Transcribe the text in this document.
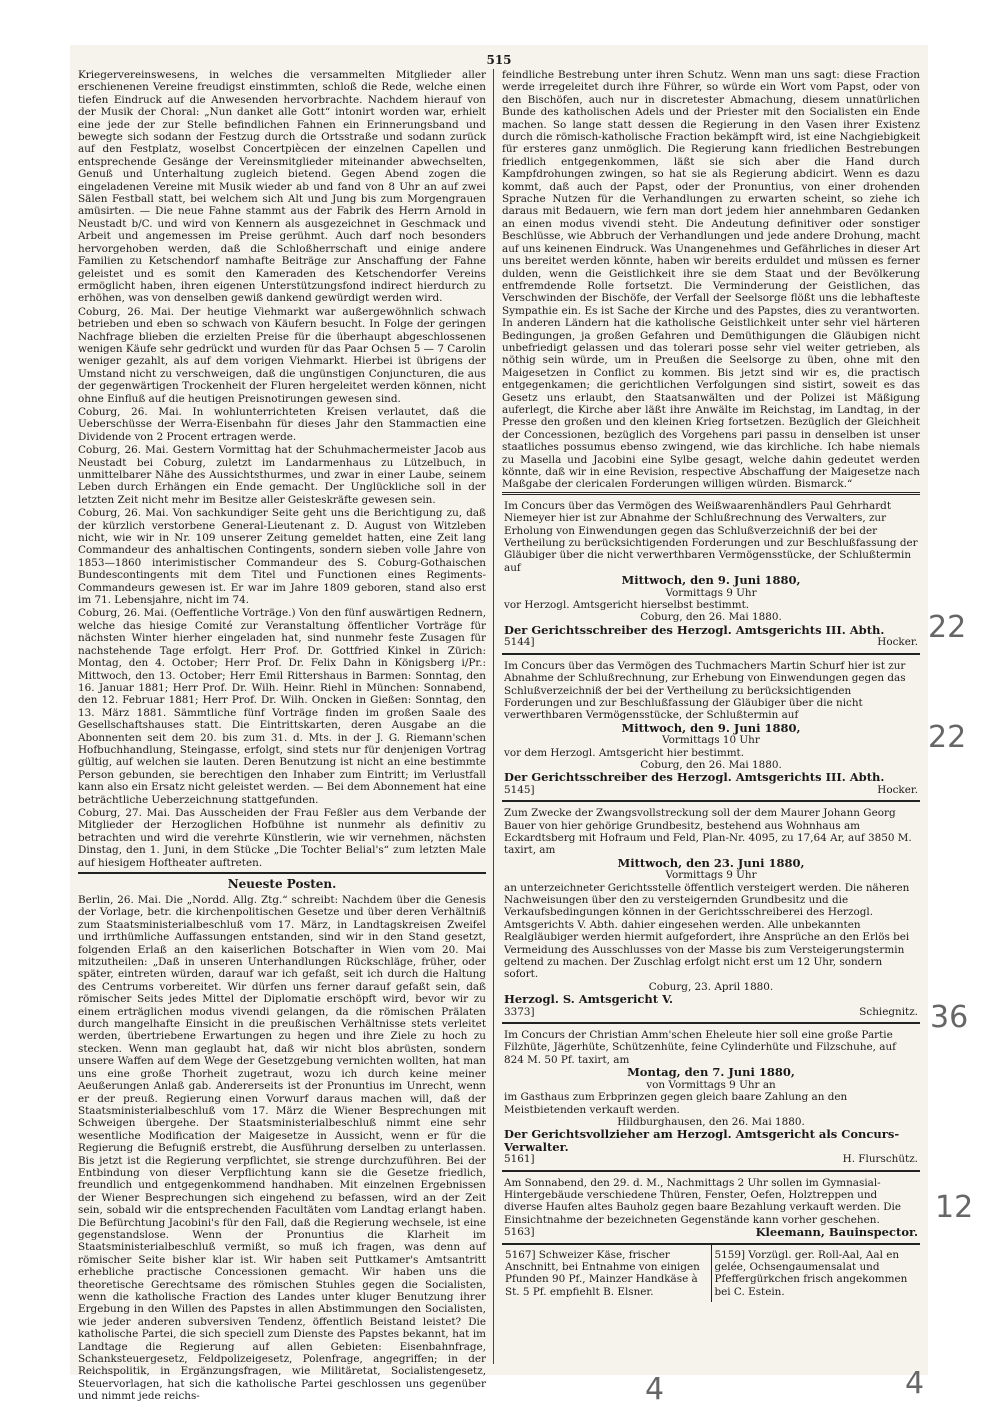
515

Kriegervereinswesens, in welches die versammelten Mitglieder aller erschienenen Vereine freudigst einstimmten, schloß die Rede, welche einen tiefen Eindruck auf die Anwesenden hervorbrachte. Nachdem hierauf von der Musik der Choral: „Nun danket alle Gott“ intonirt worden war, erhielt eine jede der zur Stelle befindlichen Fahnen ein Erinnerungsband und bewegte sich sodann der Festzug durch die Ortsstraße und sodann zurück auf den Festplatz, woselbst Concertpiècen der einzelnen Capellen und entsprechende Gesänge der Vereinsmitglieder miteinander abwechselten, Genuß und Unterhaltung zugleich bietend. Gegen Abend zogen die eingeladenen Vereine mit Musik wieder ab und fand von 8 Uhr an auf zwei Sälen Festball statt, bei welchem sich Alt und Jung bis zum Morgengrauen amüsirten. — Die neue Fahne stammt aus der Fabrik des Herrn Arnold in Neustadt b/C. und wird von Kennern als ausgezeichnet in Geschmack und Arbeit und angemessen im Preise gerühmt. Auch darf noch besonders hervorgehoben werden, daß die Schloßherrschaft und einige andere Familien zu Ketschendorf namhafte Beiträge zur Anschaffung der Fahne geleistet und es somit den Kameraden des Ketschendorfer Vereins ermöglicht haben, ihren eigenen Unterstützungsfond indirect hierdurch zu erhöhen, was von denselben gewiß dankend gewürdigt werden wird.

Coburg, 26. Mai. Der heutige Viehmarkt war außergewöhnlich schwach betrieben und eben so schwach von Käufern besucht. In Folge der geringen Nachfrage blieben die erzielten Preise für die überhaupt abgeschlossenen wenigen Käufe sehr gedrückt und wurden für das Paar Ochsen 5 — 7 Carolin weniger gezahlt, als auf dem vorigen Viehmarkt. Hierbei ist übrigens der Umstand nicht zu verschweigen, daß die ungünstigen Conjuncturen, die aus der gegenwärtigen Trockenheit der Fluren hergeleitet werden können, nicht ohne Einfluß auf die heutigen Preisnotirungen gewesen sind.

Coburg, 26. Mai. In wohlunterrichteten Kreisen verlautet, daß die Ueberschüsse der Werra-Eisenbahn für dieses Jahr den Stammactien eine Dividende von 2 Procent ertragen werde.

Coburg, 26. Mai. Gestern Vormittag hat der Schuhmachermeister Jacob aus Neustadt bei Coburg, zuletzt im Landarmenhaus zu Lützelbuch, in unmittelbarer Nähe des Aussichtsthurmes, und zwar in einer Laube, seinem Leben durch Erhängen ein Ende gemacht. Der Unglückliche soll in der letzten Zeit nicht mehr im Besitze aller Geisteskräfte gewesen sein.

Coburg, 26. Mai. Von sachkundiger Seite geht uns die Berichtigung zu, daß der kürzlich verstorbene General-Lieutenant z. D. August von Witzleben nicht, wie wir in Nr. 109 unserer Zeitung gemeldet hatten, eine Zeit lang Commandeur des anhaltischen Contingents, sondern sieben volle Jahre von 1853—1860 interimistischer Commandeur des S. Coburg-Gothaischen Bundescontingents mit dem Titel und Functionen eines Regiments-Commandeurs gewesen ist. Er war im Jahre 1809 geboren, stand also erst im 71. Lebensjahre, nicht im 74.

Coburg, 26. Mai. (Oeffentliche Vorträge.) Von den fünf auswärtigen Rednern, welche das hiesige Comité zur Veranstaltung öffentlicher Vorträge für nächsten Winter hierher eingeladen hat, sind nunmehr feste Zusagen für nachstehende Tage erfolgt. Herr Prof. Dr. Gottfried Kinkel in Zürich: Montag, den 4. October; Herr Prof. Dr. Felix Dahn in Königsberg i/Pr.: Mittwoch, den 13. October; Herr Emil Rittershaus in Barmen: Sonntag, den 16. Januar 1881; Herr Prof. Dr. Wilh. Heinr. Riehl in München: Sonnabend, den 12. Februar 1881; Herr Prof. Dr. Wilh. Oncken in Gießen: Sonntag, den 13. März 1881. Sämmtliche fünf Vorträge finden im großen Saale des Gesellschaftshauses statt. Die Eintrittskarten, deren Ausgabe an die Abonnenten seit dem 20. bis zum 31. d. Mts. in der J. G. Riemann'schen Hofbuchhandlung, Steingasse, erfolgt, sind stets nur für denjenigen Vortrag gültig, auf welchen sie lauten. Deren Benutzung ist nicht an eine bestimmte Person gebunden, sie berechtigen den Inhaber zum Eintritt; im Verlustfall kann also ein Ersatz nicht geleistet werden. — Bei dem Abonnement hat eine beträchtliche Ueberzeichnung stattgefunden.

Coburg, 27. Mai. Das Ausscheiden der Frau Feßler aus dem Verbande der Mitglieder der Herzoglichen Hofbühne ist nunmehr als definitiv zu betrachten und wird die verehrte Künstlerin, wie wir vernehmen, nächsten Dinstag, den 1. Juni, in dem Stücke „Die Tochter Belial's“ zum letzten Male auf hiesigem Hoftheater auftreten.

Neueste Posten.

Berlin, 26. Mai. Die „Nordd. Allg. Ztg.“ schreibt: Nachdem über die Genesis der Vorlage, betr. die kirchenpolitischen Gesetze und über deren Verhältniß zum Staatsministerialbeschluß vom 17. März, in Landtagskreisen Zweifel und irrthümliche Auffassungen entstanden, sind wir in den Stand gesetzt, folgenden Erlaß an den kaiserlichen Botschafter in Wien vom 20. Mai mitzutheilen: „Daß in unseren Unterhandlungen Rückschläge, früher, oder später, eintreten würden, darauf war ich gefaßt, seit ich durch die Haltung des Centrums vorbereitet. Wir dürfen uns ferner darauf gefaßt sein, daß römischer Seits jedes Mittel der Diplomatie erschöpft wird, bevor wir zu einem erträglichen modus vivendi gelangen, da die römischen Prälaten durch mangelhafte Einsicht in die preußischen Verhältnisse stets verleitet werden, übertriebene Erwartungen zu hegen und ihre Ziele zu hoch zu stecken. Wenn man geglaubt hat, daß wir nicht blos abrüsten, sondern unsere Waffen auf dem Wege der Gesetzgebung vernichten wollten, hat man uns eine große Thorheit zugetraut, wozu ich durch keine meiner Aeußerungen Anlaß gab. Andererseits ist der Pronuntius im Unrecht, wenn er der preuß. Regierung einen Vorwurf daraus machen will, daß der Staatsministerialbeschluß vom 17. März die Wiener Besprechungen mit Schweigen übergehe. Der Staatsministerialbeschluß nimmt eine sehr wesentliche Modification der Maigesetze in Aussicht, wenn er für die Regierung die Befugniß erstrebt, die Ausführung derselben zu unterlassen. Bis jetzt ist die Regierung verpflichtet, sie strenge durchzuführen. Bei der Entbindung von dieser Verpflichtung kann sie die Gesetze friedlich, freundlich und entgegenkommend handhaben. Mit einzelnen Ergebnissen der Wiener Besprechungen sich eingehend zu befassen, wird an der Zeit sein, sobald wir die entsprechenden Facultäten vom Landtag erlangt haben. Die Befürchtung Jacobini's für den Fall, daß die Regierung wechsele, ist eine gegenstandslose. Wenn der Pronuntius die Klarheit im Staatsministerialbeschluß vermißt, so muß ich fragen, was denn auf römischer Seite bisher klar ist. Wir haben seit Puttkamer's Amtsantritt erhebliche practische Concessionen gemacht. Wir haben uns die theoretische Gerechtsame des römischen Stuhles gegen die Socialisten, wenn die katholische Fraction des Landes unter kluger Benutzung ihrer Ergebung in den Willen des Papstes in allen Abstimmungen den Socialisten, wie jeder anderen subversiven Tendenz, öffentlich Beistand leistet? Die katholische Partei, die sich speciell zum Dienste des Papstes bekannt, hat im Landtage die Regierung auf allen Gebieten: Eisenbahnfrage, Schanksteuergesetz, Feldpolizeigesetz, Polenfrage, angegriffen; in der Reichspolitik, in Ergänzungsfragen, wie Militäretat, Socialistengesetz, Steuervorlagen, hat sich die katholische Partei geschlossen uns gegenüber und nimmt jede reichs-

feindliche Bestrebung unter ihren Schutz. Wenn man uns sagt: diese Fraction werde irregeleitet durch ihre Führer, so würde ein Wort vom Papst, oder von den Bischöfen, auch nur in discretester Abmachung, diesem unnatürlichen Bunde des katholischen Adels und der Priester mit den Socialisten ein Ende machen. So lange statt dessen die Regierung in den Vasen ihrer Existenz durch die römisch-katholische Fraction bekämpft wird, ist eine Nachgiebigkeit für ersteres ganz unmöglich. Die Regierung kann friedlichen Bestrebungen friedlich entgegenkommen, läßt sie sich aber die Hand durch Kampfdrohungen zwingen, so hat sie als Regierung abdicirt. Wenn es dazu kommt, daß auch der Papst, oder der Pronuntius, von einer drohenden Sprache Nutzen für die Verhandlungen zu erwarten scheint, so ziehe ich daraus mit Bedauern, wie fern man dort jedem hier annehmbaren Gedanken an einen modus vivendi steht. Die Andeutung definitiver oder sonstiger Beschlüsse, wie Abbruch der Verhandlungen und jede andere Drohung, macht auf uns keinenen Eindruck. Was Unangenehmes und Gefährliches in dieser Art uns bereitet werden könnte, haben wir bereits erduldet und müssen es ferner dulden, wenn die Geistlichkeit ihre sie dem Staat und der Bevölkerung entfremdende Rolle fortsetzt. Die Verminderung der Geistlichen, das Verschwinden der Bischöfe, der Verfall der Seelsorge flößt uns die lebhafteste Sympathie ein. Es ist Sache der Kirche und des Papstes, dies zu verantworten. In anderen Ländern hat die katholische Geistlichkeit unter sehr viel härteren Bedingungen, ja großen Gefahren und Demüthigungen die Gläubigen nicht unbefriedigt gelassen und das tolerari posse sehr viel weiter getrieben, als nöthig sein würde, um in Preußen die Seelsorge zu üben, ohne mit den Maigesetzen in Conflict zu kommen. Bis jetzt sind wir es, die practisch entgegenkamen; die gerichtlichen Verfolgungen sind sistirt, soweit es das Gesetz uns erlaubt, den Staatsanwälten und der Polizei ist Mäßigung auferlegt, die Kirche aber läßt ihre Anwälte im Reichstag, im Landtag, in der Presse den großen und den kleinen Krieg fortsetzen. Bezüglich der Gleichheit der Concessionen, bezüglich des Vorgehens pari passu in denselben ist unser staatliches possumus ebenso zwingend, wie das kirchliche. Ich habe niemals zu Masella und Jacobini eine Sylbe gesagt, welche dahin gedeutet werden könnte, daß wir in eine Revision, respective Abschaffung der Maigesetze nach Maßgabe der clericalen Forderungen willigen würden. Bismarck.“

Im Concurs über das Vermögen des Weißwaarenhändlers Paul Gehrhardt Niemeyer hier ist zur Abnahme der Schlußrechnung des Verwalters, zur Erholung von Einwendungen gegen das Schlußverzeichniß der bei der Vertheilung zu berücksichtigenden Forderungen und zur Beschlußfassung der Gläubiger über die nicht verwerthbaren Vermögensstücke, der Schlußtermin auf
Mittwoch, den 9. Juni 1880,
Vormittags 9 Uhr
vor Herzogl. Amtsgericht hierselbst bestimmt.
Coburg, den 26. Mai 1880.
Der Gerichtsschreiber des Herzogl. Amtsgerichts III. Abth.
5144]	Hocker.
Im Concurs über das Vermögen des Tuchmachers Martin Schurf hier ist zur Abnahme der Schlußrechnung, zur Erhebung von Einwendungen gegen das Schlußverzeichniß der bei der Vertheilung zu berücksichtigenden Forderungen und zur Beschlußfassung der Gläubiger über die nicht verwerthbaren Vermögensstücke, der Schlußtermin auf
Mittwoch, den 9. Juni 1880,
Vormittags 10 Uhr
vor dem Herzogl. Amtsgericht hier bestimmt.
Coburg, den 26. Mai 1880.
Der Gerichtsschreiber des Herzogl. Amtsgerichts III. Abth.
5145]	Hocker.
Zum Zwecke der Zwangsvollstreckung soll der dem Maurer Johann Georg Bauer von hier gehörige Grundbesitz, bestehend aus Wohnhaus am Eckardtsberg mit Hofraum und Feld, Plan-Nr. 4095, zu 17,64 Ar, auf 3850 M. taxirt, am
Mittwoch, den 23. Juni 1880,
Vormittags 9 Uhr
an unterzeichneter Gerichtsstelle öffentlich versteigert werden. Die näheren Nachweisungen über den zu versteigernden Grundbesitz und die Verkaufsbedingungen können in der Gerichtsschreiberei des Herzogl. Amtsgerichts V. Abth. dahier eingesehen werden. Alle unbekannten Realgläubiger werden hiermit aufgefordert, ihre Ansprüche an den Erlös bei Vermeidung des Ausschlusses von der Masse bis zum Versteigerungstermin geltend zu machen. Der Zuschlag erfolgt nicht erst um 12 Uhr, sondern sofort.
Coburg, 23. April 1880.
Herzogl. S. Amtsgericht V.
3373]	Schiegnitz.
Im Concurs der Christian Amm'schen Eheleute hier soll eine große Partie Filzhüte, Jägerhüte, Schützenhüte, feine Cylinderhüte und Filzschuhe, auf 824 M. 50 Pf. taxirt, am
Montag, den 7. Juni 1880,
von Vormittags 9 Uhr an
im Gasthaus zum Erbprinzen gegen gleich baare Zahlung an den Meistbietenden verkauft werden.
Hildburghausen, den 26. Mai 1880.
Der Gerichtsvollzieher am Herzogl. Amtsgericht als Concurs-Verwalter.
5161]	H. Flurschütz.
Am Sonnabend, den 29. d. M., Nachmittags 2 Uhr sollen im Gymnasial-Hintergebäude verschiedene Thüren, Fenster, Oefen, Holztreppen und diverse Haufen altes Bauholz gegen baare Bezahlung verkauft werden. Die Einsichtnahme der bezeichneten Gegenstände kann vorher geschehen.
5163]	Kleemann, Bauinspector.
5167] Schweizer Käse, frischer Anschnitt, bei Entnahme von einigen Pfunden 90 Pf., Mainzer Handkäse à St. 5 Pf. empfiehlt B. Elsner.
5159] Vorzügl. ger. Roll-Aal, Aal en gelée, Ochsengaumensalat und Pfeffergürkchen frisch angekommen bei C. Estein.
22
22
36
12
4	4
